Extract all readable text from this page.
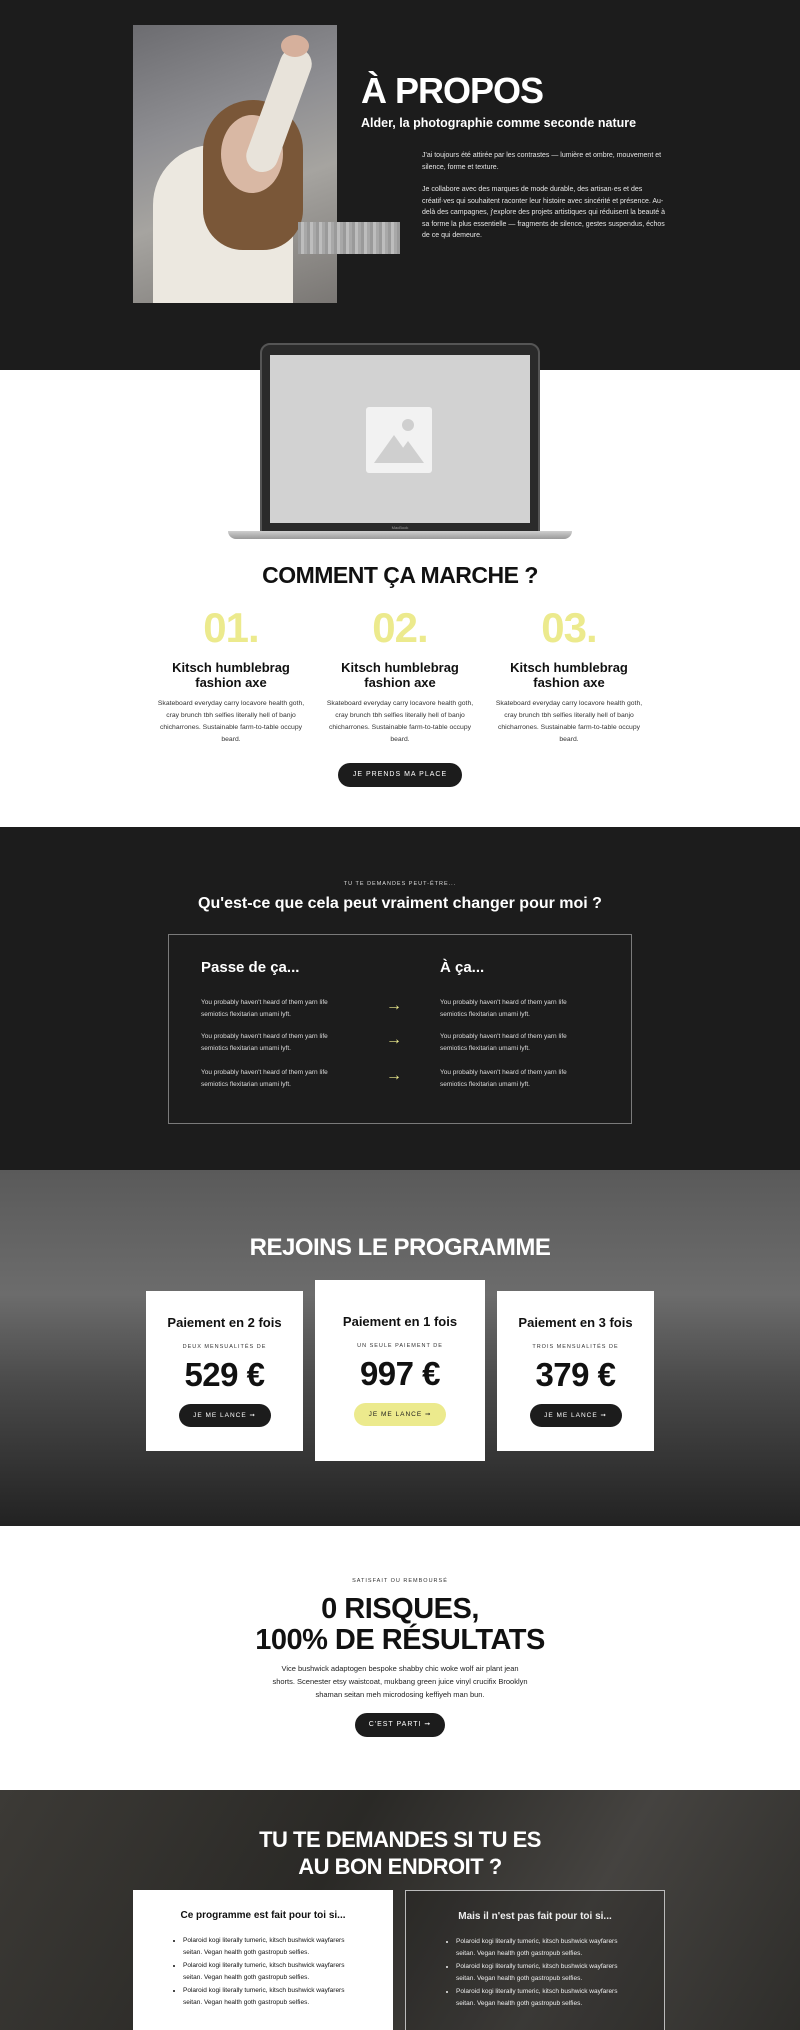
À PROPOS
Alder, la photographie comme seconde nature

J'ai toujours été attirée par les contrastes — lumière et ombre, mouvement et silence, forme et texture.

Je collabore avec des marques de mode durable, des artisan·es et des créatif·ves qui souhaitent raconter leur histoire avec sincérité et présence. Au-delà des campagnes, j'explore des projets artistiques qui réduisent la beauté à sa forme la plus essentielle — fragments de silence, gestes suspendus, échos de ce qui demeure.

MacBook
COMMENT ÇA MARCHE ?
01.
Kitsch humblebrag fashion axe
Skateboard everyday carry locavore health goth, cray brunch tbh selfies literally hell of banjo chicharrones. Sustainable farm-to-table occupy beard.
02.
Kitsch humblebrag fashion axe
Skateboard everyday carry locavore health goth, cray brunch tbh selfies literally hell of banjo chicharrones. Sustainable farm-to-table occupy beard.
03.
Kitsch humblebrag fashion axe
Skateboard everyday carry locavore health goth, cray brunch tbh selfies literally hell of banjo chicharrones. Sustainable farm-to-table occupy beard.
JE PRENDS MA PLACE
TU TE DEMANDES PEUT-ÊTRE...
Qu'est-ce que cela peut vraiment changer pour moi ?
Passe de ça...	À ça...
You probably haven't heard of them yarn life semiotics flexitarian umami lyft.
You probably haven't heard of them yarn life semiotics flexitarian umami lyft.
You probably haven't heard of them yarn life semiotics flexitarian umami lyft.
→
→
→
You probably haven't heard of them yarn life semiotics flexitarian umami lyft.
You probably haven't heard of them yarn life semiotics flexitarian umami lyft.
You probably haven't heard of them yarn life semiotics flexitarian umami lyft.
REJOINS LE PROGRAMME
Paiement en 2 fois
DEUX MENSUALITÉS DE
529 €
JE ME LANCE ➞
Paiement en 1 fois
UN SEULE PAIEMENT DE
997 €
JE ME LANCE ➞
Paiement en 3 fois
TROIS MENSUALITÉS DE
379 €
JE ME LANCE ➞
SATISFAIT OU REMBOURSÉ
0 RISQUES,
100% DE RÉSULTATS

Vice bushwick adaptogen bespoke shabby chic woke wolf air plant jean shorts. Scenester etsy waistcoat, mukbang green juice vinyl crucifix Brooklyn shaman seitan meh microdosing keffiyeh man bun.

C'EST PARTI ➞
TU TE DEMANDES SI TU ES
AU BON ENDROIT ?
Ce programme est fait pour toi si...
• Polaroid kogi literally tumeric, kitsch bushwick wayfarers seitan. Vegan health goth gastropub selfies.
• Polaroid kogi literally tumeric, kitsch bushwick wayfarers seitan. Vegan health goth gastropub selfies.
• Polaroid kogi literally tumeric, kitsch bushwick wayfarers seitan. Vegan health goth gastropub selfies.
Mais il n'est pas fait pour toi si...
• Polaroid kogi literally tumeric, kitsch bushwick wayfarers seitan. Vegan health goth gastropub selfies.
• Polaroid kogi literally tumeric, kitsch bushwick wayfarers seitan. Vegan health goth gastropub selfies.
• Polaroid kogi literally tumeric, kitsch bushwick wayfarers seitan. Vegan health goth gastropub selfies.
